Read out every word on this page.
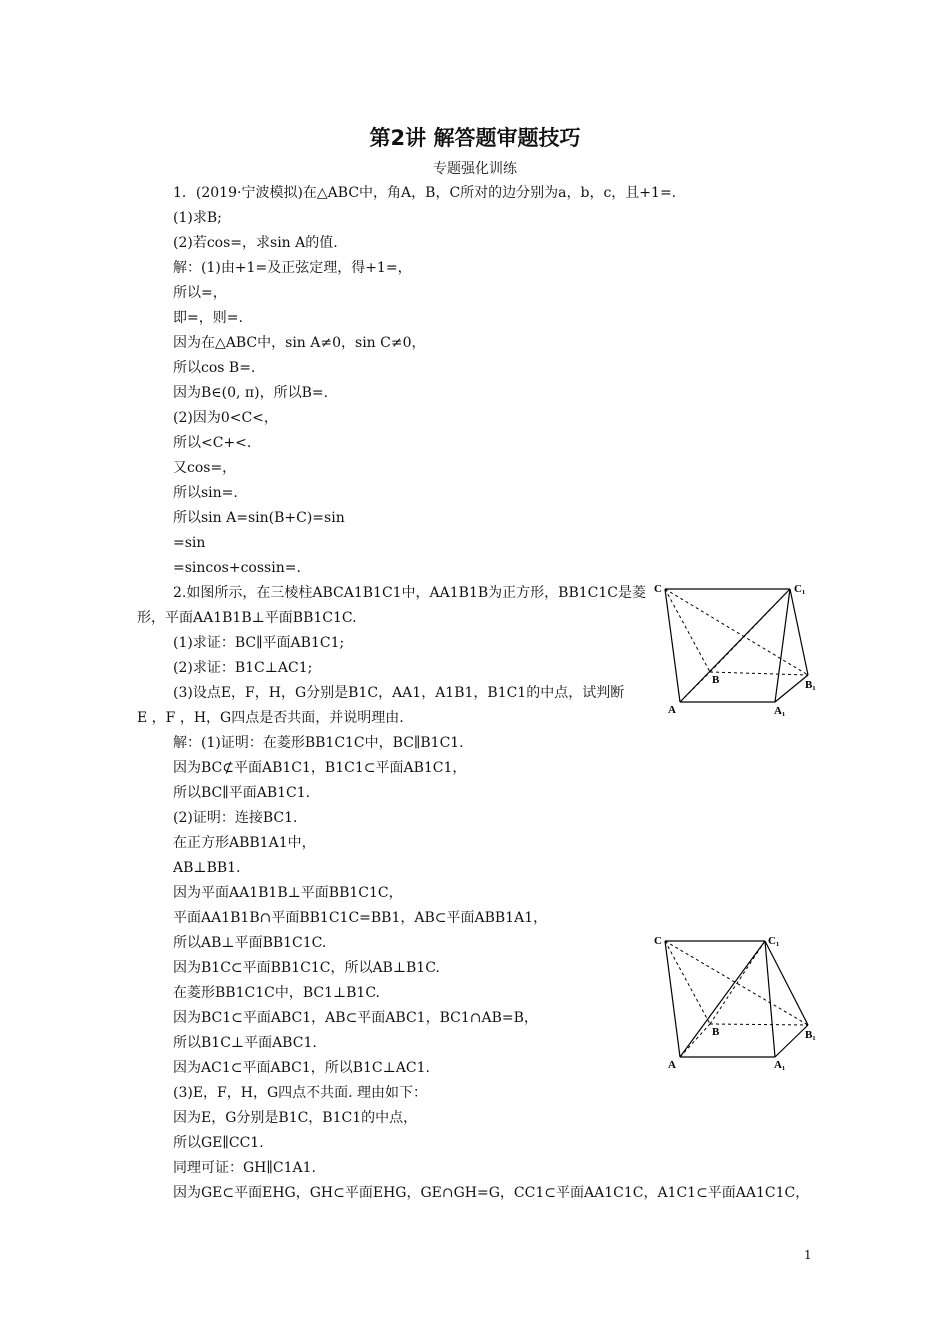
第2讲 解答题审题技巧
专题强化训练
1．(2019·宁波模拟)在△ABC中，角A，B，C所对的边分别为a，b，c，且+1=.
(1)求B;
(2)若cos=，求sin A的值.
解：(1)由+1=及正弦定理，得+1=，
所以=，
即=，则=.
因为在△ABC中，sin A≠0，sin C≠0，
所以cos B=.
因为B∈(0, π)，所以B=.
(2)因为0<C<，
所以<C+<.
又cos=，
所以sin=.
所以sin A=sin(B+C)=sin
=sin
=sincos+cossin=.
2.如图所示，在三棱柱ABCA1B1C1中，AA1B1B为正方形，BB1C1C是菱
形，平面AA1B1B⊥平面BB1C1C.
(1)求证：BC∥平面AB1C1;
(2)求证：B1C⊥AC1;
(3)设点E，F，H，G分别是B1C，AA1，A1B1，B1C1的中点，试判断
E ，F ，H，G四点是否共面，并说明理由.
解：(1)证明：在菱形BB1C1C中，BC∥B1C1.
因为BC⊄平面AB1C1，B1C1⊂平面AB1C1，
所以BC∥平面AB1C1.
(2)证明：连接BC1.
在正方形ABB1A1中，
AB⊥BB1.
因为平面AA1B1B⊥平面BB1C1C，
平面AA1B1B∩平面BB1C1C=BB1，AB⊂平面ABB1A1，
所以AB⊥平面BB1C1C.
因为B1C⊂平面BB1C1C，所以AB⊥B1C.
在菱形BB1C1C中，BC1⊥B1C.
因为BC1⊂平面ABC1，AB⊂平面ABC1，BC1∩AB=B，
所以B1C⊥平面ABC1.
因为AC1⊂平面ABC1，所以B1C⊥AC1.
(3)E，F，H，G四点不共面. 理由如下：
因为E，G分别是B1C，B1C1的中点，
所以GE∥CC1.
同理可证：GH∥C1A1.
因为GE⊂平面EHG，GH⊂平面EHG，GE∩GH=G，CC1⊂平面AA1C1C，A1C1⊂平面AA1C1C，
C	C₁
B	B₁
A	A₁
C	C₁
B	B₁
A	A₁
1
